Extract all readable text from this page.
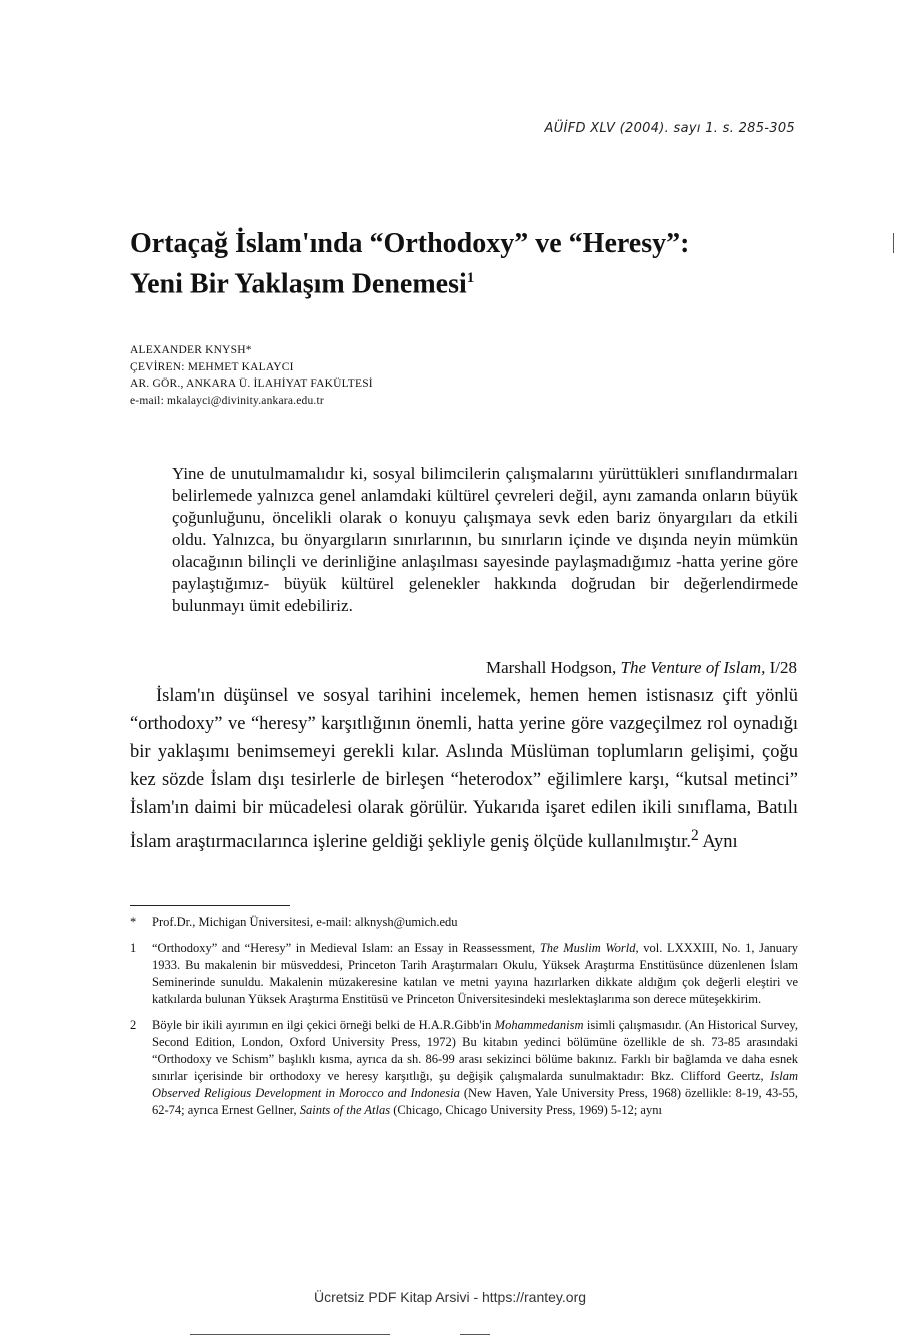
AÜİFD XLV (2004). sayı 1. s. 285-305
Ortaçağ İslam'ında “Orthodoxy” ve “Heresy”:
Yeni Bir Yaklaşım Denemesi$^1$
ALEXANDER KNYSH*
ÇEVİREN: MEHMET KALAYCI
AR. GÖR., ANKARA Ü. İLAHİYAT FAKÜLTESİ
e-mail: mkalayci@divinity.ankara.edu.tr

Yine de unutulmamalıdır ki, sosyal bilimcilerin çalışmalarını yürüttükleri sınıflandırmaları belirlemede yalnızca genel anlamdaki kültürel çevreleri değil, aynı zamanda onların büyük çoğunluğunu, öncelikli olarak o konuyu çalışmaya sevk eden bariz önyargıları da etkili oldu. Yalnızca, bu önyargıların sınırlarının, bu sınırların içinde ve dışında neyin mümkün olacağının bilinçli ve derinliğine anlaşılması sayesinde paylaşmadığımız -hatta yerine göre paylaştığımız- büyük kültürel gelenekler hakkında doğrudan bir değerlendirmede bulunmayı ümit edebiliriz.

Marshall Hodgson, The Venture of Islam, I/28

İslam'ın düşünsel ve sosyal tarihini incelemek, hemen hemen istisnasız çift yönlü “orthodoxy” ve “heresy” karşıtlığının önemli, hatta yerine göre vazgeçilmez rol oynadığı bir yaklaşımı benimsemeyi gerekli kılar. Aslında Müslüman toplumların gelişimi, çoğu kez sözde İslam dışı tesirlerle de birleşen “heterodox” eğilimlere karşı, “kutsal metinci” İslam'ın daimi bir mücadelesi olarak görülür. Yukarıda işaret edilen ikili sınıflama, Batılı İslam araştırmacılarınca işlerine geldiği şekliyle geniş ölçüde kullanılmıştır.$^2$ Aynı

* Prof.Dr., Michigan Üniversitesi, e-mail: alknysh@umich.edu

1 “Orthodoxy” and “Heresy” in Medieval Islam: an Essay in Reassessment, The Muslim World, vol. LXXXIII, No. 1, January 1933. Bu makalenin bir müsveddesi, Princeton Tarih Araştırmaları Okulu, Yüksek Araştırma Enstitüsünce düzenlenen İslam Seminerinde sunuldu. Makalenin müzakeresine katılan ve metni yayına hazırlarken dikkate aldığım çok değerli eleştiri ve katkılarda bulunan Yüksek Araştırma Enstitüsü ve Princeton Üniversitesindeki meslektaşlarıma son derece müteşekkirim.

2 Böyle bir ikili ayırımın en ilgi çekici örneği belki de H.A.R.Gibb'in Mohammedanism isimli çalışmasıdır. (An Historical Survey, Second Edition, London, Oxford University Press, 1972) Bu kitabın yedinci bölümüne özellikle de sh. 73-85 arasındaki “Orthodoxy ve Schism” başlıklı kısma, ayrıca da sh. 86-99 arası sekizinci bölüme bakınız. Farklı bir bağlamda ve daha esnek sınırlar içerisinde bir orthodoxy ve heresy karşıtlığı, şu değişik çalışmalarda sunulmaktadır: Bkz. Clifford Geertz, Islam Observed Religious Development in Morocco and Indonesia (New Haven, Yale University Press, 1968) özellikle: 8-19, 43-55, 62-74; ayrıca Ernest Gellner, Saints of the Atlas (Chicago, Chicago University Press, 1969) 5-12; aynı

Ücretsiz PDF Kitap Arsivi - https://rantey.org
